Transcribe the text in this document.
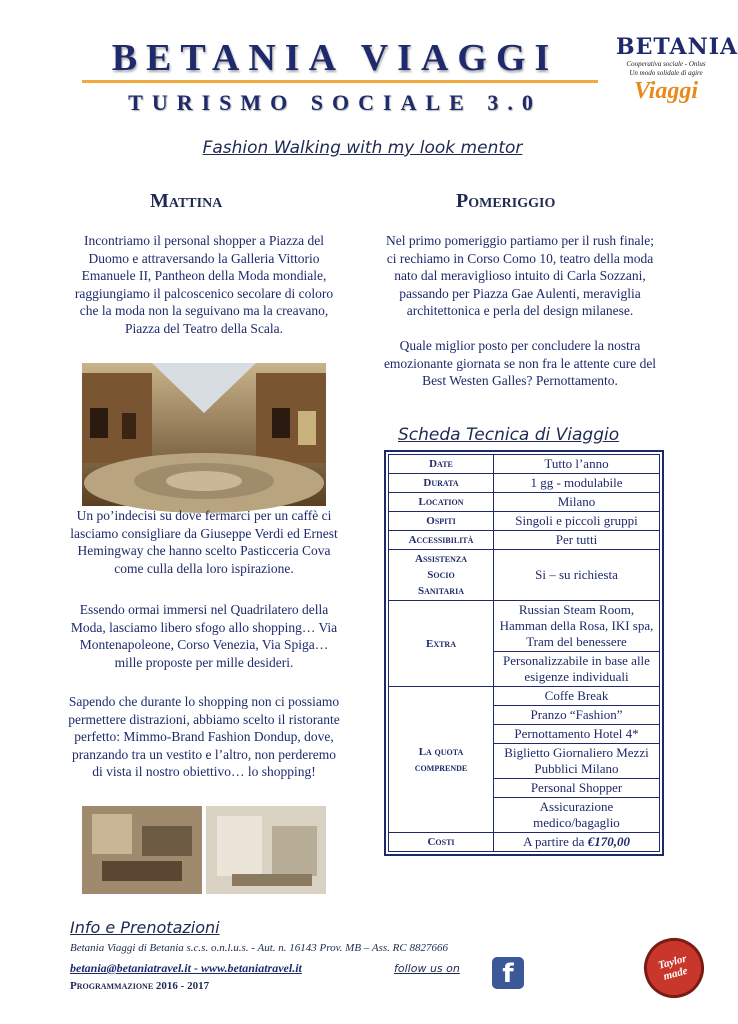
BETANIA VIAGGI
TURISMO SOCIALE 3.0
BETANIA
Cooperativa sociale - Onlus
Un modo solidale di agire
Viaggi
Fashion Walking with my look mentor
Mattina
Incontriamo il personal shopper a Piazza del Duomo e attraversando la Galleria Vittorio Emanuele II, Pantheon della Moda mondiale, raggiungiamo il palcoscenico secolare di coloro che la moda non la seguivano ma la creavano, Piazza del Teatro della Scala.
Un po’indecisi su dove fermarci per un caffè ci lasciamo consigliare da Giuseppe Verdi ed Ernest Hemingway che hanno scelto Pasticceria Cova come culla della loro ispirazione.
Essendo ormai immersi nel Quadrilatero della Moda, lasciamo libero sfogo allo shopping… Via Montenapoleone, Corso Venezia, Via Spiga… mille proposte per mille desideri.
Sapendo che durante lo shopping non ci possiamo permettere distrazioni, abbiamo scelto il ristorante perfetto: Mimmo-Brand Fashion Dondup, dove, pranzando tra un vestito e l’altro, non perderemo di vista il nostro obiettivo… lo shopping!
Pomeriggio
Nel primo pomeriggio partiamo per il rush finale; ci rechiamo in Corso Como 10, teatro della moda nato dal meraviglioso intuito di Carla Sozzani, passando per Piazza Gae Aulenti, meraviglia architettonica e perla del design milanese.
Quale miglior posto per concludere la nostra emozionante giornata se non fra le attente cure del Best Westen Galles? Pernottamento.
Scheda Tecnica di Viaggio
Date	Tutto l’anno
Durata	1 gg - modulabile
Location	Milano
Ospiti	Singoli e piccoli gruppi
Accessibilità	Per tutti

Assistenza
Socio
Sanitaria	Si – su richiesta
Extra	Russian Steam Room, Hamman della Rosa, IKI spa, Tram del benessere
	Personalizzabile in base alle esigenze individuali

La quota
comprende	Coffe Break
	Pranzo “Fashion”
	Pernottamento Hotel 4*
	Biglietto Giornaliero Mezzi Pubblici Milano
	Personal Shopper
	Assicurazione medico/bagaglio
Costi	A partire da €170,00
Info e Prenotazioni
Betania Viaggi di Betania s.c.s. o.n.l.u.s. - Aut. n. 16143 Prov. MB – Ass. RC 8827666
betania@betaniatravel.it - www.betaniatravel.it	follow us on	f
Programmazione 2016 - 2017
Taylor made
